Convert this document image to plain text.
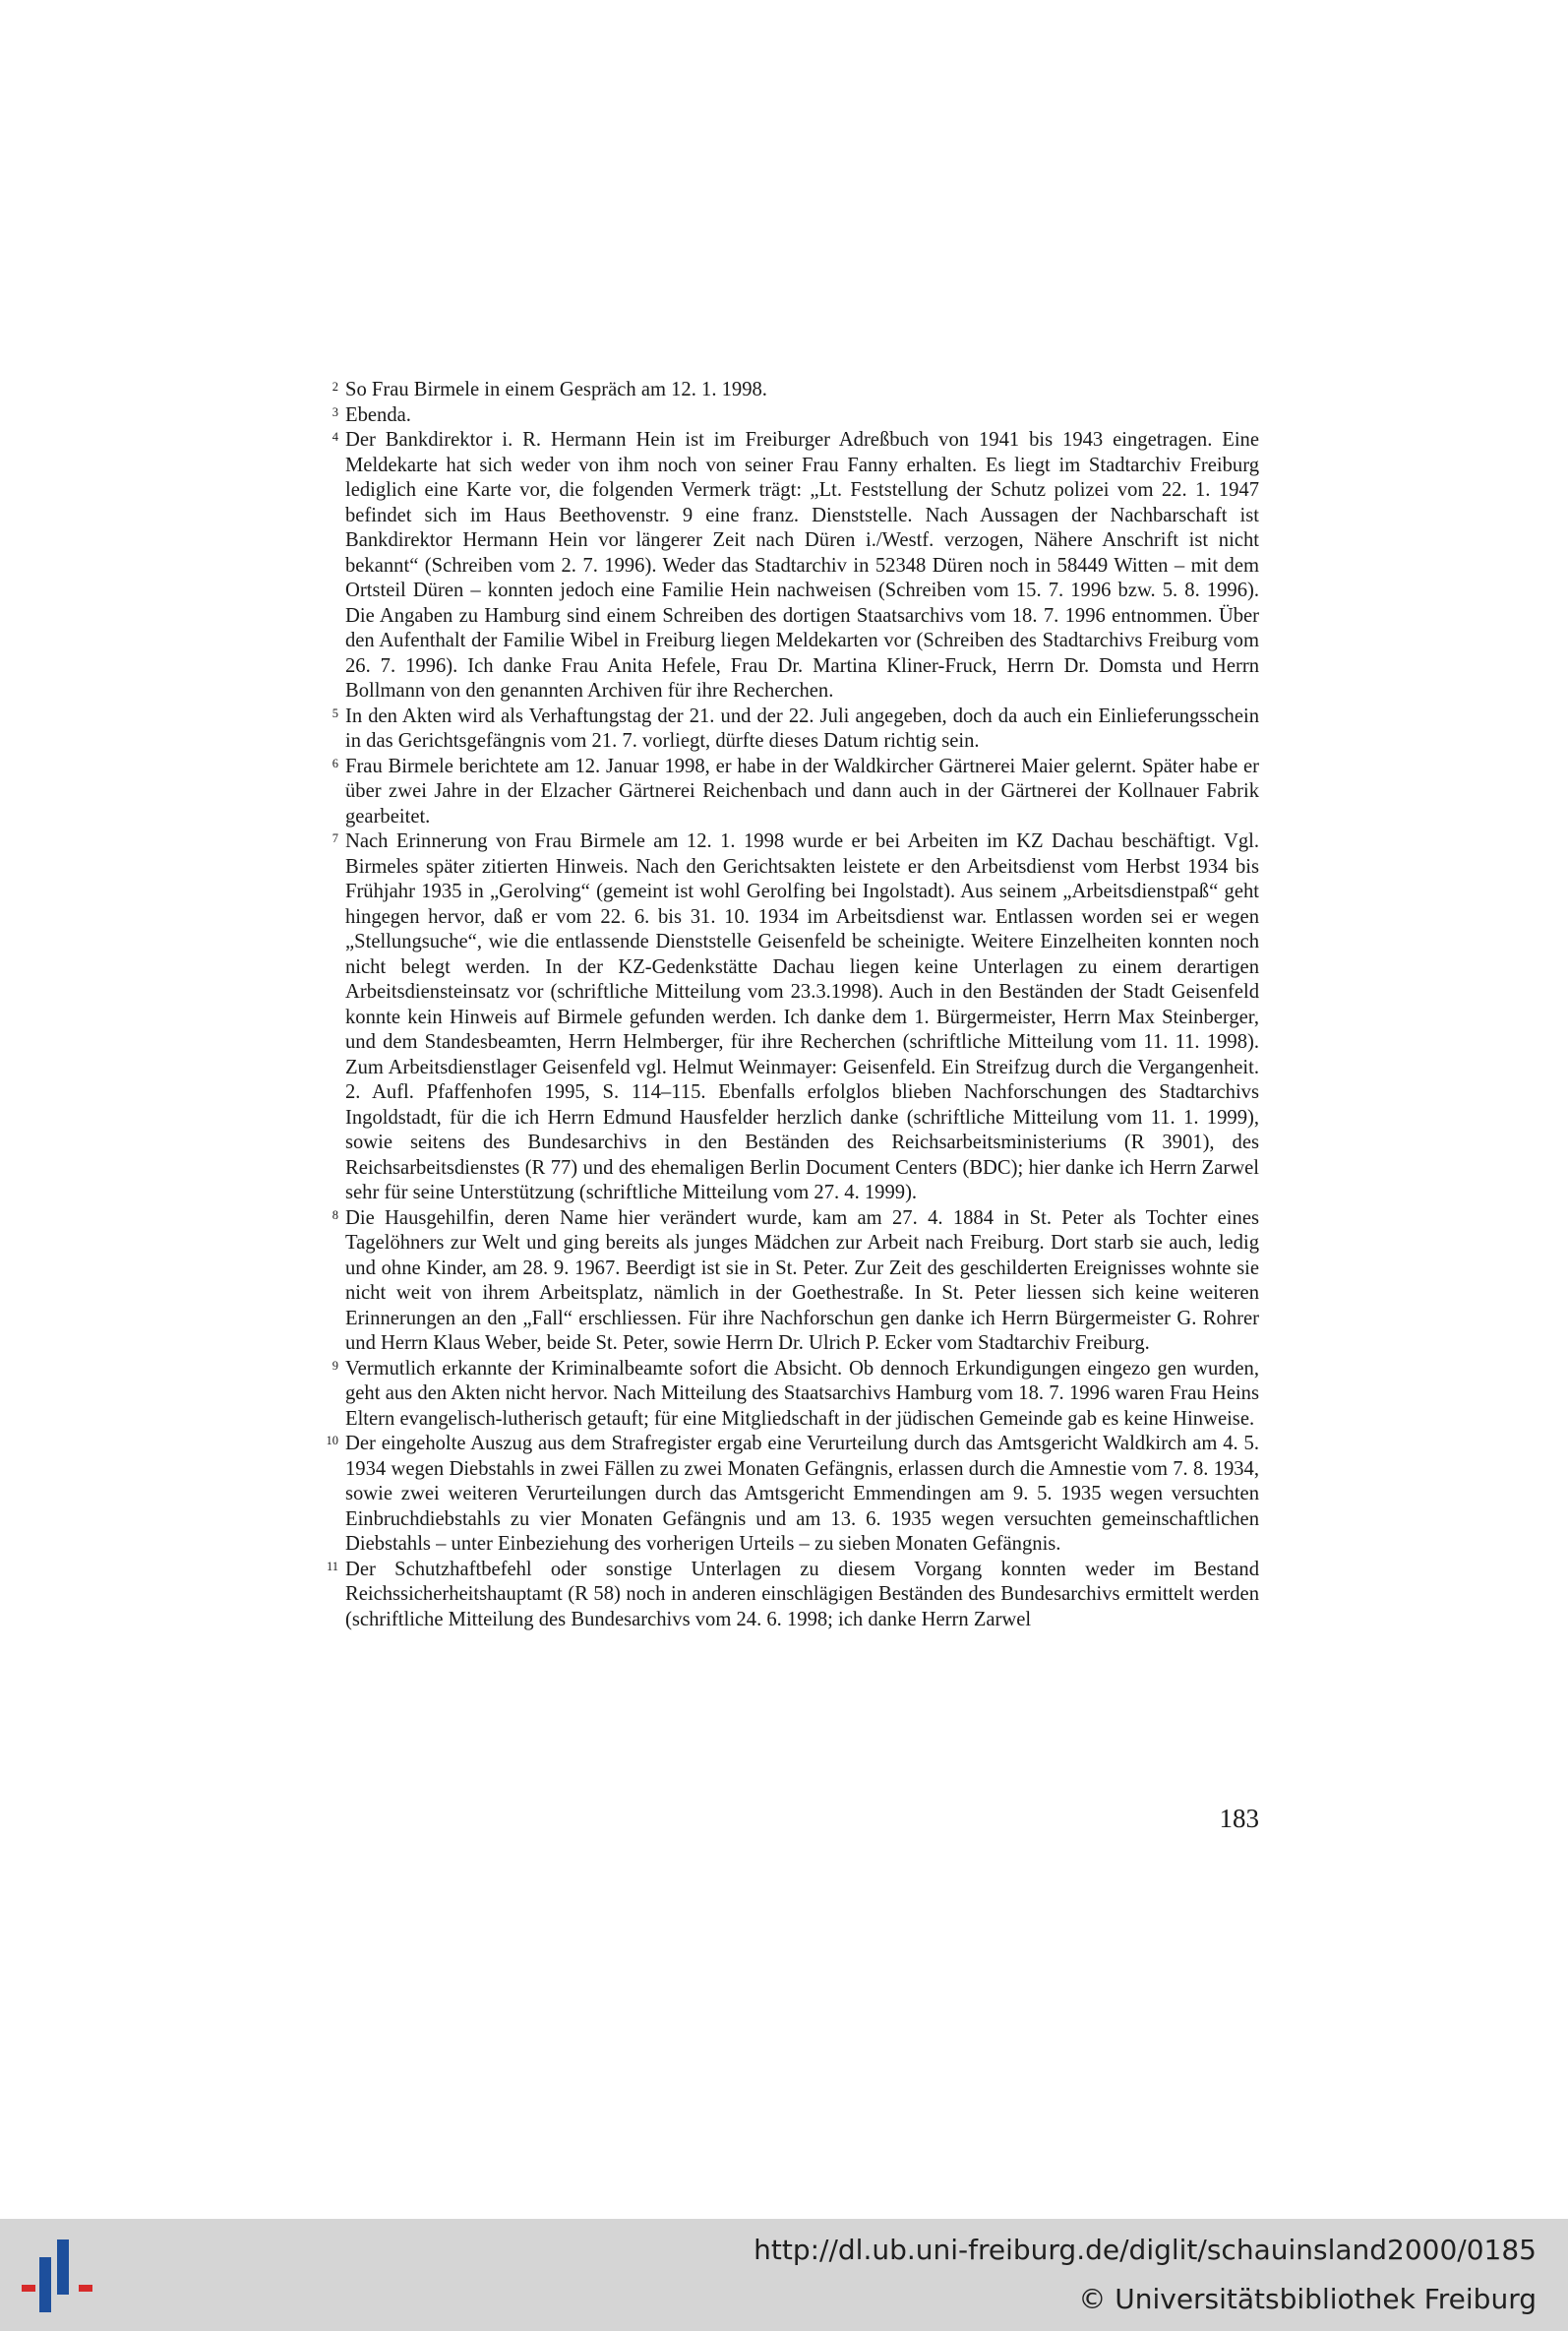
2 So Frau Birmele in einem Gespräch am 12. 1. 1998.

3 Ebenda.

4 Der Bankdirektor i. R. Hermann Hein ist im Freiburger Adreßbuch von 1941 bis 1943 eingetragen. Eine Meldekarte hat sich weder von ihm noch von seiner Frau Fanny erhalten. Es liegt im Stadtarchiv Freiburg lediglich eine Karte vor, die folgenden Vermerk trägt: „Lt. Feststellung der Schutz polizei vom 22. 1. 1947 befindet sich im Haus Beethovenstr. 9 eine franz. Dienststelle. Nach Aussagen der Nachbarschaft ist Bankdirektor Hermann Hein vor längerer Zeit nach Düren i./Westf. verzogen, Nähere Anschrift ist nicht bekannt“ (Schreiben vom 2. 7. 1996). Weder das Stadtarchiv in 52348 Düren noch in 58449 Witten – mit dem Ortsteil Düren – konnten jedoch eine Familie Hein nachweisen (Schreiben vom 15. 7. 1996 bzw. 5. 8. 1996). Die Angaben zu Hamburg sind einem Schreiben des dortigen Staatsarchivs vom 18. 7. 1996 entnommen. Über den Aufenthalt der Familie Wibel in Freiburg liegen Meldekarten vor (Schreiben des Stadtarchivs Freiburg vom 26. 7. 1996). Ich danke Frau Anita Hefele, Frau Dr. Martina Kliner-Fruck, Herrn Dr. Domsta und Herrn Bollmann von den genannten Archiven für ihre Recherchen.

5 In den Akten wird als Verhaftungstag der 21. und der 22. Juli angegeben, doch da auch ein Einlieferungsschein in das Gerichtsgefängnis vom 21. 7. vorliegt, dürfte dieses Datum richtig sein.

6 Frau Birmele berichtete am 12. Januar 1998, er habe in der Waldkircher Gärtnerei Maier gelernt. Später habe er über zwei Jahre in der Elzacher Gärtnerei Reichenbach und dann auch in der Gärtnerei der Kollnauer Fabrik gearbeitet.

7 Nach Erinnerung von Frau Birmele am 12. 1. 1998 wurde er bei Arbeiten im KZ Dachau beschäftigt. Vgl. Birmeles später zitierten Hinweis. Nach den Gerichtsakten leistete er den Arbeitsdienst vom Herbst 1934 bis Frühjahr 1935 in „Gerolving“ (gemeint ist wohl Gerolfing bei Ingolstadt). Aus seinem „Arbeitsdienstpaß“ geht hingegen hervor, daß er vom 22. 6. bis 31. 10. 1934 im Arbeitsdienst war. Entlassen worden sei er wegen „Stellungsuche“, wie die entlassende Dienststelle Geisenfeld be scheinigte. Weitere Einzelheiten konnten noch nicht belegt werden. In der KZ-Gedenkstätte Dachau liegen keine Unterlagen zu einem derartigen Arbeitsdiensteinsatz vor (schriftliche Mitteilung vom 23.3.1998). Auch in den Beständen der Stadt Geisenfeld konnte kein Hinweis auf Birmele gefunden werden. Ich danke dem 1. Bürgermeister, Herrn Max Steinberger, und dem Standesbeamten, Herrn Helmberger, für ihre Recherchen (schriftliche Mitteilung vom 11. 11. 1998). Zum Arbeitsdienstlager Geisenfeld vgl. Helmut Weinmayer: Geisenfeld. Ein Streifzug durch die Vergangenheit. 2. Aufl. Pfaffenhofen 1995, S. 114–115. Ebenfalls erfolglos blieben Nachforschungen des Stadtarchivs Ingoldstadt, für die ich Herrn Edmund Hausfelder herzlich danke (schriftliche Mitteilung vom 11. 1. 1999), sowie seitens des Bundesarchivs in den Beständen des Reichsarbeitsministeriums (R 3901), des Reichsarbeitsdienstes (R 77) und des ehemaligen Berlin Document Centers (BDC); hier danke ich Herrn Zarwel sehr für seine Unterstützung (schriftliche Mitteilung vom 27. 4. 1999).

8 Die Hausgehilfin, deren Name hier verändert wurde, kam am 27. 4. 1884 in St. Peter als Tochter eines Tagelöhners zur Welt und ging bereits als junges Mädchen zur Arbeit nach Freiburg. Dort starb sie auch, ledig und ohne Kinder, am 28. 9. 1967. Beerdigt ist sie in St. Peter. Zur Zeit des geschilderten Ereignisses wohnte sie nicht weit von ihrem Arbeitsplatz, nämlich in der Goethestraße. In St. Peter liessen sich keine weiteren Erinnerungen an den „Fall“ erschliessen. Für ihre Nachforschun gen danke ich Herrn Bürgermeister G. Rohrer und Herrn Klaus Weber, beide St. Peter, sowie Herrn Dr. Ulrich P. Ecker vom Stadtarchiv Freiburg.

9 Vermutlich erkannte der Kriminalbeamte sofort die Absicht. Ob dennoch Erkundigungen eingezo gen wurden, geht aus den Akten nicht hervor. Nach Mitteilung des Staatsarchivs Hamburg vom 18. 7. 1996 waren Frau Heins Eltern evangelisch-lutherisch getauft; für eine Mitgliedschaft in der jüdischen Gemeinde gab es keine Hinweise.

10 Der eingeholte Auszug aus dem Strafregister ergab eine Verurteilung durch das Amtsgericht Waldkirch am 4. 5. 1934 wegen Diebstahls in zwei Fällen zu zwei Monaten Gefängnis, erlassen durch die Amnestie vom 7. 8. 1934, sowie zwei weiteren Verurteilungen durch das Amtsgericht Emmendingen am 9. 5. 1935 wegen versuchten Einbruchdiebstahls zu vier Monaten Gefängnis und am 13. 6. 1935 wegen versuchten gemeinschaftlichen Diebstahls – unter Einbeziehung des vorherigen Urteils – zu sieben Monaten Gefängnis.

11 Der Schutzhaftbefehl oder sonstige Unterlagen zu diesem Vorgang konnten weder im Bestand Reichssicherheitshauptamt (R 58) noch in anderen einschlägigen Beständen des Bundesarchivs ermittelt werden (schriftliche Mitteilung des Bundesarchivs vom 24. 6. 1998; ich danke Herrn Zarwel

183
http://dl.ub.uni-freiburg.de/diglit/schauinsland2000/0185
© Universitätsbibliothek Freiburg
